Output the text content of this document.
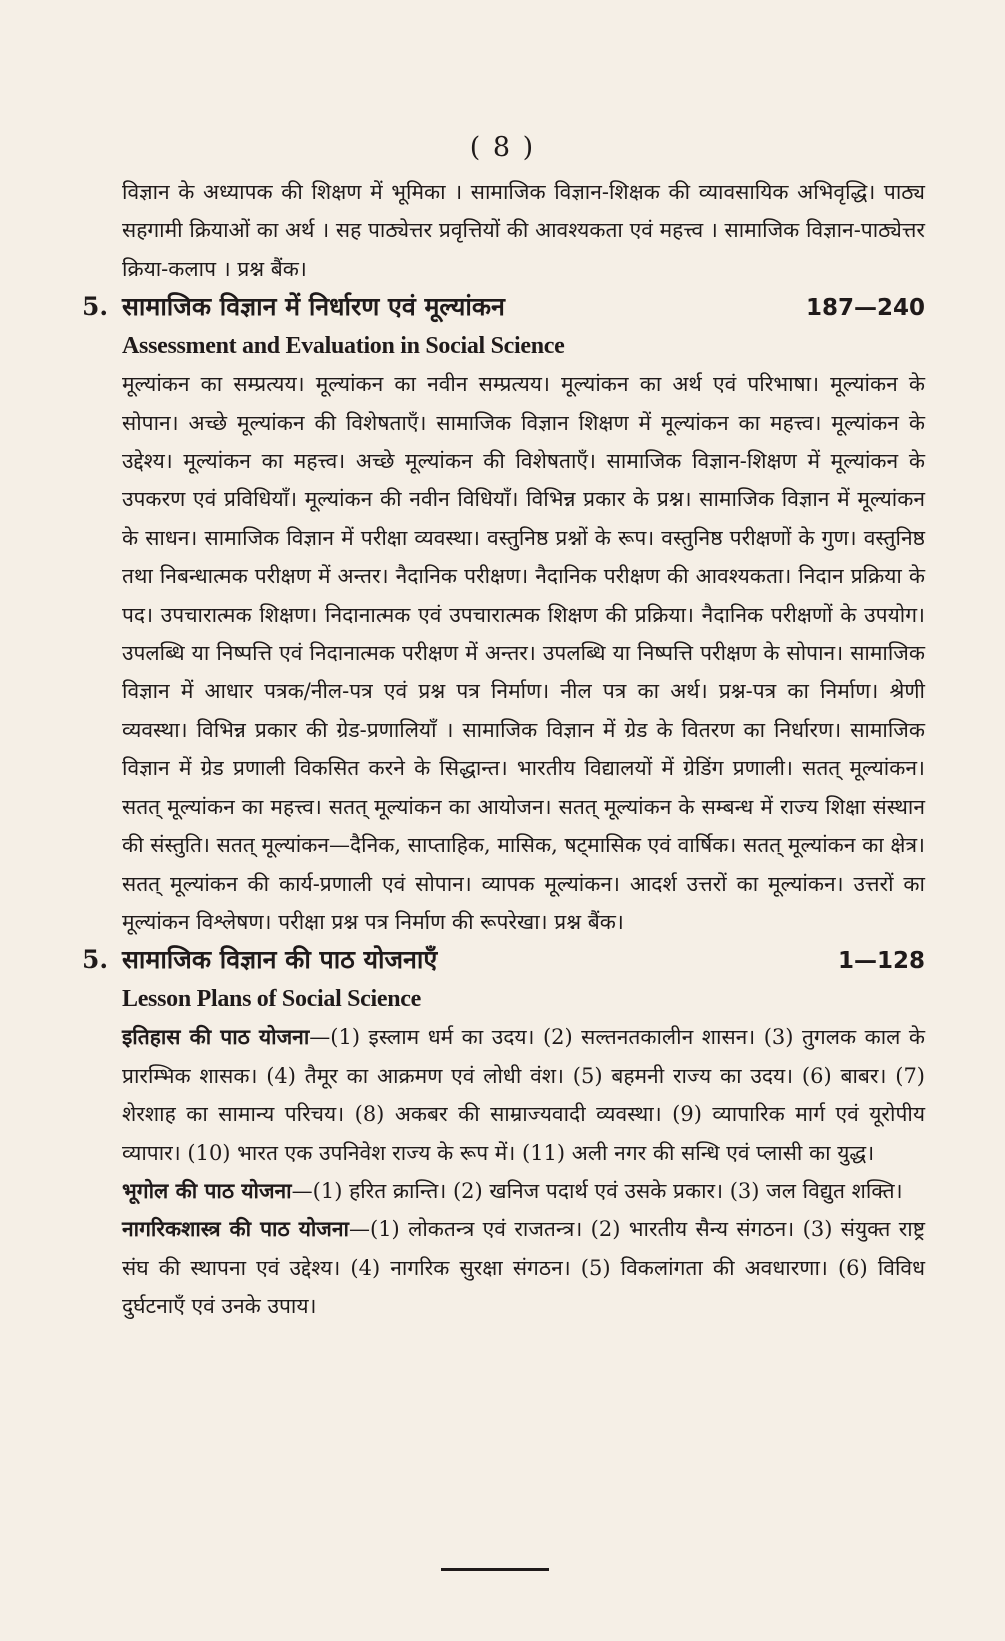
( 8 )

विज्ञान के अध्यापक की शिक्षण में भूमिका । सामाजिक विज्ञान-शिक्षक की व्यावसायिक अभिवृद्धि। पाठ्य सहगामी क्रियाओं का अर्थ । सह पाठ्येत्तर प्रवृत्तियों की आवश्यकता एवं महत्त्व । सामाजिक विज्ञान-पाठ्येत्तर क्रिया-कलाप । प्रश्न बैंक।

5. सामाजिक विज्ञान में निर्धारण एवं मूल्यांकन	187—240
Assessment and Evaluation in Social Science

मूल्यांकन का सम्प्रत्यय। मूल्यांकन का नवीन सम्प्रत्यय। मूल्यांकन का अर्थ एवं परिभाषा। मूल्यांकन के सोपान। अच्छे मूल्यांकन की विशेषताएँ। सामाजिक विज्ञान शिक्षण में मूल्यांकन का महत्त्व। मूल्यांकन के उद्देश्य। मूल्यांकन का महत्त्व। अच्छे मूल्यांकन की विशेषताएँ। सामाजिक विज्ञान-शिक्षण में मूल्यांकन के उपकरण एवं प्रविधियाँ। मूल्यांकन की नवीन विधियाँ। विभिन्न प्रकार के प्रश्न। सामाजिक विज्ञान में मूल्यांकन के साधन। सामाजिक विज्ञान में परीक्षा व्यवस्था। वस्तुनिष्ठ प्रश्नों के रूप। वस्तुनिष्ठ परीक्षणों के गुण। वस्तुनिष्ठ तथा निबन्धात्मक परीक्षण में अन्तर। नैदानिक परीक्षण। नैदानिक परीक्षण की आवश्यकता। निदान प्रक्रिया के पद। उपचारात्मक शिक्षण। निदानात्मक एवं उपचारात्मक शिक्षण की प्रक्रिया। नैदानिक परीक्षणों के उपयोग। उपलब्धि या निष्पत्ति एवं निदानात्मक परीक्षण में अन्तर। उपलब्धि या निष्पत्ति परीक्षण के सोपान। सामाजिक विज्ञान में आधार पत्रक/नील-पत्र एवं प्रश्न पत्र निर्माण। नील पत्र का अर्थ। प्रश्न-पत्र का निर्माण। श्रेणी व्यवस्था। विभिन्न प्रकार की ग्रेड-प्रणालियाँ । सामाजिक विज्ञान में ग्रेड के वितरण का निर्धारण। सामाजिक विज्ञान में ग्रेड प्रणाली विकसित करने के सिद्धान्त। भारतीय विद्यालयों में ग्रेडिंग प्रणाली। सतत् मूल्यांकन। सतत् मूल्यांकन का महत्त्व। सतत् मूल्यांकन का आयोजन। सतत् मूल्यांकन के सम्बन्ध में राज्य शिक्षा संस्थान की संस्तुति। सतत् मूल्यांकन—दैनिक, साप्ताहिक, मासिक, षट्मासिक एवं वार्षिक। सतत् मूल्यांकन का क्षेत्र। सतत् मूल्यांकन की कार्य-प्रणाली एवं सोपान। व्यापक मूल्यांकन। आदर्श उत्तरों का मूल्यांकन। उत्तरों का मूल्यांकन विश्लेषण। परीक्षा प्रश्न पत्र निर्माण की रूपरेखा। प्रश्न बैंक।

5. सामाजिक विज्ञान की पाठ योजनाएँ	1—128
Lesson Plans of Social Science

इतिहास की पाठ योजना—(1) इस्लाम धर्म का उदय। (2) सल्तनतकालीन शासन। (3) तुगलक काल के प्रारम्भिक शासक। (4) तैमूर का आक्रमण एवं लोधी वंश। (5) बहमनी राज्य का उदय। (6) बाबर। (7) शेरशाह का सामान्य परिचय। (8) अकबर की साम्राज्यवादी व्यवस्था। (9) व्यापारिक मार्ग एवं यूरोपीय व्यापार। (10) भारत एक उपनिवेश राज्य के रूप में। (11) अली नगर की सन्धि एवं प्लासी का युद्ध।

भूगोल की पाठ योजना—(1) हरित क्रान्ति। (2) खनिज पदार्थ एवं उसके प्रकार। (3) जल विद्युत शक्ति।

नागरिकशास्त्र की पाठ योजना—(1) लोकतन्त्र एवं राजतन्त्र। (2) भारतीय सैन्य संगठन। (3) संयुक्त राष्ट्र संघ की स्थापना एवं उद्देश्य। (4) नागरिक सुरक्षा संगठन। (5) विकलांगता की अवधारणा। (6) विविध दुर्घटनाएँ एवं उनके उपाय।
